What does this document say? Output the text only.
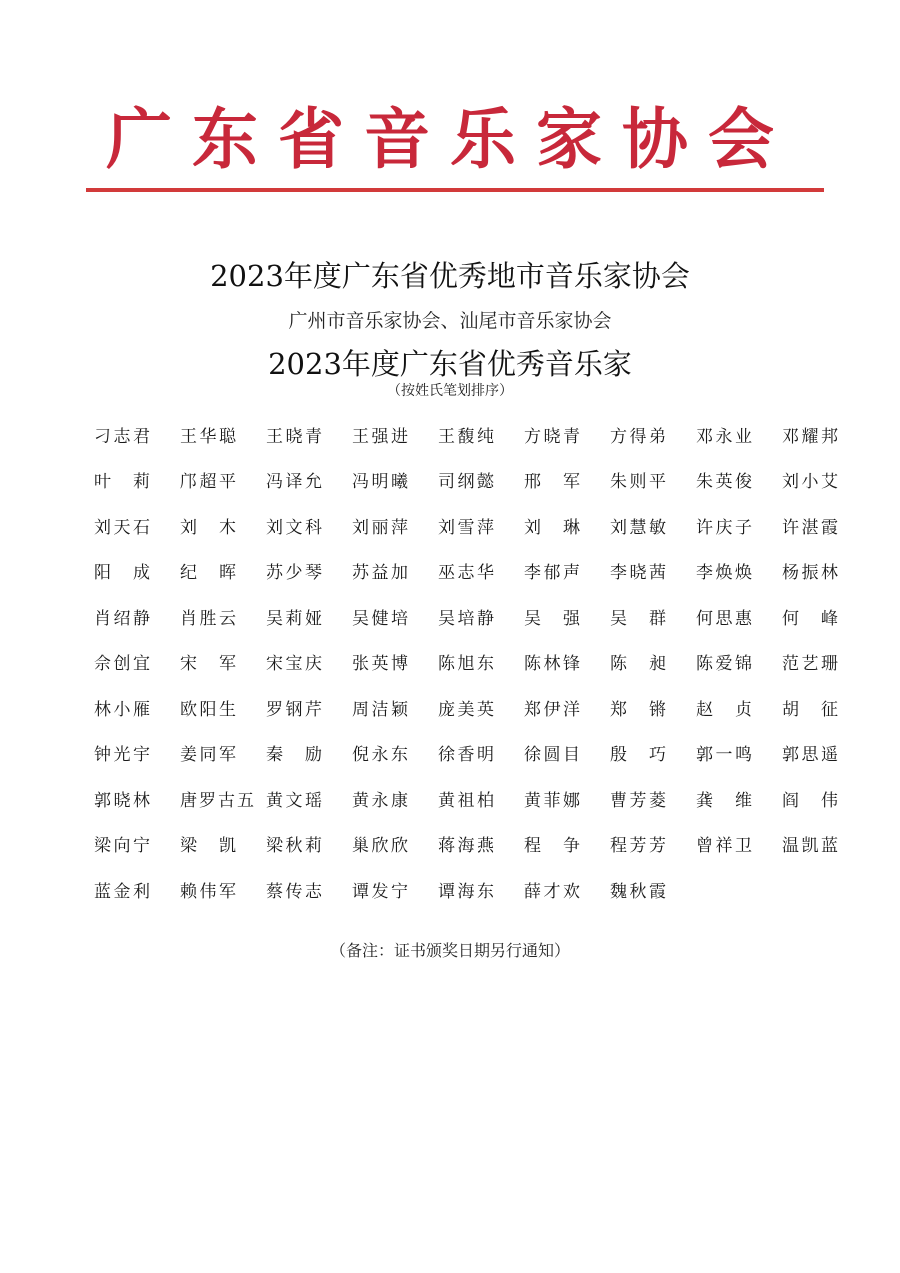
广东省音乐家协会
2023年度广东省优秀地市音乐家协会
广州市音乐家协会、汕尾市音乐家协会
2023年度广东省优秀音乐家
（按姓氏笔划排序）
刁志君 王华聪 王晓青 王强进 王馥纯 方晓青 方得弟 邓永业 邓耀邦
叶 莉 邝超平 冯译允 冯明曦 司纲懿 邢 军 朱则平 朱英俊 刘小艾
刘天石 刘 木 刘文科 刘丽萍 刘雪萍 刘 琳 刘慧敏 许庆子 许湛霞
阳 成 纪 晖 苏少琴 苏益加 巫志华 李郁声 李晓茜 李焕焕 杨振林
肖绍静 肖胜云 吴莉娅 吴健培 吴培静 吴 强 吴 群 何思惠 何 峰
佘创宜 宋 军 宋宝庆 张英博 陈旭东 陈林锋 陈 昶 陈爱锦 范艺珊
林小雁 欧阳生 罗钢芹 周洁颖 庞美英 郑伊洋 郑 锵 赵 贞 胡 征
钟光宇 姜同军 秦 励 倪永东 徐香明 徐圆目 殷 巧 郭一鸣 郭思遥
郭晓林 唐罗古五 黄文瑶 黄永康 黄祖柏 黄菲娜 曹芳菱 龚 维 阎 伟
梁向宁 梁 凯 梁秋莉 巢欣欣 蒋海燕 程 争 程芳芳 曾祥卫 温凯蓝
蓝金利 赖伟军 蔡传志 谭发宁 谭海东 薛才欢 魏秋霞
（备注：证书颁奖日期另行通知）
